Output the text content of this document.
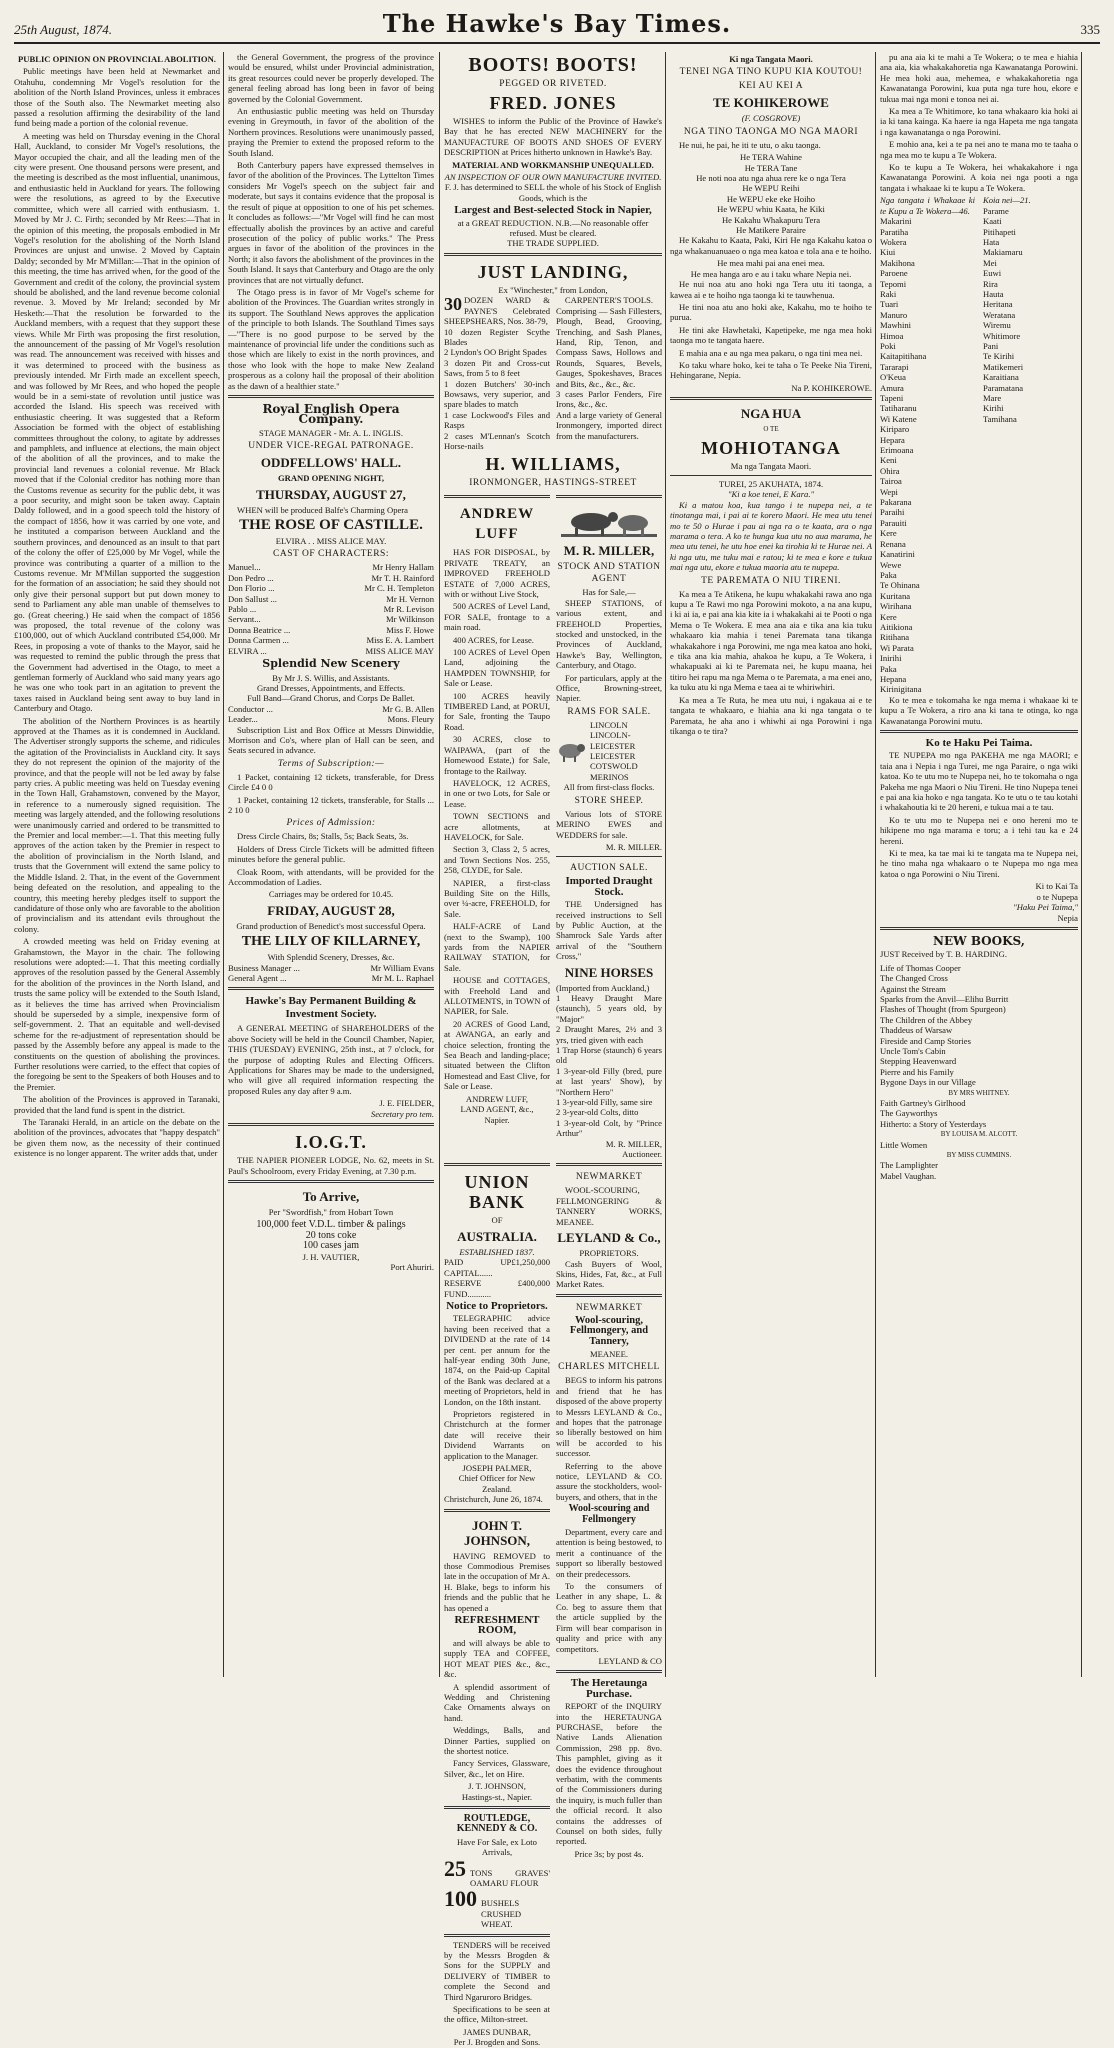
25th August, 1874.	The Hawke's Bay Times.	335
PUBLIC OPINION ON PROVINCIAL ABOLITION.
Public meetings have been held at Newmarket and Otahuhu, condemning Mr Vogel's resolution for the abolition of the North Island Provinces, unless it embraces those of the South also. The Newmarket meeting also passed a resolution affirming the desirability of the land fund being made a portion of the colonial revenue.
A meeting was held on Thursday evening in the Choral Hall, Auckland, to consider Mr Vogel's resolutions, the Mayor occupied the chair, and all the leading men of the city were present. One thousand persons were present, and the meeting is described as the most influential, unanimous, and enthusiastic held in Auckland for years. The following were the resolutions, as agreed to by the Executive committee, which were all carried with enthusiasm. 1. Moved by Mr J. C. Firth; seconded by Mr Rees:—That in the opinion of this meeting, the proposals embodied in Mr Vogel's resolution for the abolishing of the North Island Provinces are unjust and unwise. 2 Moved by Captain Daldy; seconded by Mr M'Millan:—That in the opinion of this meeting, the time has arrived when, for the good of the Government and credit of the colony, the provincial system should be abolished, and the land revenue become colonial revenue. 3. Moved by Mr Ireland; seconded by Mr Hesketh:—That the resolution be forwarded to the Auckland members, with a request that they support these views. While Mr Firth was proposing the first resolution, the announcement of the passing of Mr Vogel's resolution was read. The announcement was received with hisses and it was determined to proceed with the business as previously intended. Mr Firth made an excellent speech, and was followed by Mr Rees, and who hoped the people would be in a semi-state of revolution until justice was accorded the Island. His speech was received with enthusiastic cheering. It was suggested that a Reform Association be formed with the object of establishing committees throughout the colony, to agitate by addresses and pamphlets, and influence at elections, the main object of the abolition of all the provinces, and to make the provincial land revenues a colonial revenue. Mr Black moved that if the Colonial creditor has nothing more than the Customs revenue as security for the public debt, it was a poor security, and might soon be taken away. Captain Daldy followed, and in a good speech told the history of the compact of 1856, how it was carried by one vote, and he instituted a comparison between Auckland and the southern provinces, and denounced as an insult to that part of the colony the offer of £25,000 by Mr Vogel, while the province was contributing a quarter of a million to the Customs revenue. Mr M'Millan supported the suggestion for the formation of an association; he said they should not only give their personal support but put down money to send to Parliament any able man unable of themselves to go. (Great cheering.) He said when the compact of 1856 was proposed, the total revenue of the colony was £100,000, out of which Auckland contributed £54,000. Mr Rees, in proposing a vote of thanks to the Mayor, said he was requested to remind the public through the press that the Government had advertised in the Otago, to meet a gentleman formerly of Auckland who said many years ago he was one who took part in an agitation to prevent the taxes raised in Auckland being sent away to buy land in Canterbury and Otago.
The abolition of the Northern Provinces is as heartily approved at the Thames as it is condemned in Auckland. The Advertiser strongly supports the scheme, and ridicules the agitation of the Provincialists in Auckland city. It says they do not represent the opinion of the majority of the province, and that the people will not be led away by false party cries. A public meeting was held on Tuesday evening in the Town Hall, Grahamstown, convened by the Mayor, in reference to a numerously signed requisition. The meeting was largely attended, and the following resolutions were unanimously carried and ordered to be transmitted to the Premier and local member:—1. That this meeting fully approves of the action taken by the Premier in respect to the abolition of provincialism in the North Island, and trusts that the Government will extend the same policy to the Middle Island. 2. That, in the event of the Government being defeated on the resolution, and appealing to the country, this meeting hereby pledges itself to support the candidature of those only who are favorable to the abolition of provincialism and its attendant evils throughout the colony.
A crowded meeting was held on Friday evening at Grahamstown, the Mayor in the chair. The following resolutions were adopted:—1. That this meeting cordially approves of the resolution passed by the General Assembly for the abolition of the provinces in the North Island, and trusts the same policy will be extended to the South Island, as it believes the time has arrived when Provincialism should be superseded by a simple, inexpensive form of self-government. 2. That an equitable and well-devised scheme for the re-adjustment of representation should be passed by the Assembly before any appeal is made to the constituents on the question of abolishing the provinces. Further resolutions were carried, to the effect that copies of the foregoing be sent to the Speakers of both Houses and to the Premier.
The abolition of the Provinces is approved in Taranaki, provided that the land fund is spent in the district.
The Taranaki Herald, in an article on the debate on the abolition of the provinces, advocates that "happy despatch" be given them now, as the necessity of their continued existence is no longer apparent. The writer adds that, under
the General Government, the progress of the province would be ensured, whilst under Provincial administration, its great resources could never be properly developed. The general feeling abroad has long been in favor of being governed by the Colonial Government.
An enthusiastic public meeting was held on Thursday evening in Greymouth, in favor of the abolition of the Northern provinces. Resolutions were unanimously passed, praying the Premier to extend the proposed reform to the South Island.
Both Canterbury papers have expressed themselves in favor of the abolition of the Provinces. The Lyttelton Times considers Mr Vogel's speech on the subject fair and moderate, but says it contains evidence that the proposal is the result of pique at opposition to one of his pet schemes. It concludes as follows:—"Mr Vogel will find he can most effectually abolish the provinces by an active and careful prosecution of the policy of public works." The Press argues in favor of the abolition of the provinces in the North; it also favors the abolishment of the provinces in the South Island. It says that Canterbury and Otago are the only provinces that are not virtually defunct.
The Otago press is in favor of Mr Vogel's scheme for abolition of the Provinces. The Guardian writes strongly in its support. The Southland News approves the application of the principle to both Islands. The Southland Times says—"There is no good purpose to be served by the maintenance of provincial life under the conditions such as those which are likely to exist in the north provinces, and those who look with the hope to make New Zealand prosperous as a colony hail the proposal of their abolition as the dawn of a healthier state."
Royal English Opera Company.
STAGE MANAGER - Mr. A. L. INGLIS.
UNDER VICE-REGAL PATRONAGE.
ODDFELLOWS' HALL.
GRAND OPENING NIGHT,
THURSDAY, AUGUST 27,
WHEN will be produced Balfe's Charming Opera
THE ROSE OF CASTILLE.
ELVIRA . . MISS ALICE MAY.
CAST OF CHARACTERS:
Manuel...	Mr Henry Hallam
Don Pedro ...	Mr T. H. Rainford
Don Florio ...	Mr C. H. Templeton
Don Sallust ...	Mr H. Vernon
Pablo ...	Mr R. Levison
Servant...	Mr Wilkinson
Donna Beatrice ...	Miss F. Howe
Donna Carmen ...	Miss E. A. Lambert
ELVIRA ...	MISS ALICE MAY
Splendid New Scenery
By Mr J. S. Willis, and Assistants.
Grand Dresses, Appointments, and Effects.
Full Band—Grand Chorus, and Corps De Ballet.
Conductor ...	Mr G. B. Allen
Leader...	Mons. Fleury
Subscription List and Box Office at Messrs Dinwiddie, Morrison and Co's, where plan of Hall can be seen, and Seats secured in advance.
Terms of Subscription:—
1 Packet, containing 12 tickets, transferable, for Dress Circle £4 0 0
1 Packet, containing 12 tickets, transferable, for Stalls ... 2 10 0
Prices of Admission:
Dress Circle Chairs, 8s; Stalls, 5s; Back Seats, 3s.
Holders of Dress Circle Tickets will be admitted fifteen minutes before the general public.
Cloak Room, with attendants, will be provided for the Accommodation of Ladies.
Carriages may be ordered for 10.45.
FRIDAY, AUGUST 28,
Grand production of Benedict's most successful Opera.
THE LILY OF KILLARNEY,
With Splendid Scenery, Dresses, &c.
Business Manager ...	Mr William Evans
General Agent ...	Mr M. L. Raphael
Hawke's Bay Permanent Building & Investment Society.
A GENERAL MEETING of SHAREHOLDERS of the above Society will be held in the Council Chamber, Napier, THIS (TUESDAY) EVENING, 25th inst., at 7 o'clock, for the purpose of adopting Rules and Electing Officers. Applications for Shares may be made to the undersigned, who will give all required information respecting the proposed Rules any day after 9 a.m.
J. E. FIELDER,
Secretary pro tem.
I.O.G.T.
THE NAPIER PIONEER LODGE, No. 62, meets in St. Paul's Schoolroom, every Friday Evening, at 7.30 p.m.
To Arrive,
Per "Swordfish," from Hobart Town
100,000 feet V.D.L. timber & palings
20 tons coke
100 cases jam
J. H. VAUTIER,
Port Ahuriri.
BOOTS! BOOTS!
PEGGED OR RIVETED.
FRED. JONES
WISHES to inform the Public of the Province of Hawke's Bay that he has erected NEW MACHINERY for the MANUFACTURE OF BOOTS AND SHOES OF EVERY DESCRIPTION at Prices hitherto unknown in Hawke's Bay.
MATERIAL AND WORKMANSHIP UNEQUALLED.
AN INSPECTION OF OUR OWN MANUFACTURE INVITED.
F. J. has determined to SELL the whole of his Stock of English Goods, which is the
Largest and Best-selected Stock in Napier,
at a GREAT REDUCTION. N.B.—No reasonable offer refused. Must be cleared.
THE TRADE SUPPLIED.
JUST LANDING,
Ex "Winchester," from London,
30 DOZEN WARD & PAYNE'S Celebrated SHEEPSHEARS, Nos. 38-79,
10 dozen Register Scythe Blades
2 Lyndon's OO Bright Spades
3 dozen Pit and Cross-cut Saws, from 5 to 8 feet
1 dozen Butchers' 30-inch Bowsaws, very superior, and spare blades to match
1 case Lockwood's Files and Rasps
2 cases M'Lennan's Scotch Horse-nails
CARPENTER'S TOOLS.
Comprising — Sash Fillesters, Plough, Bead, Grooving, Trenching, and Sash Planes, Hand, Rip, Tenon, and Compass Saws, Hollows and Rounds, Squares, Bevels, Gauges, Spokeshaves, Braces and Bits, &c., &c., &c.
3 cases Parlor Fenders, Fire Irons, &c., &c.
And a large variety of General Ironmongery, imported direct from the manufacturers.
H. WILLIAMS,
IRONMONGER, HASTINGS-STREET
ANDREW LUFF
HAS FOR DISPOSAL, by PRIVATE TREATY, an IMPROVED FREEHOLD ESTATE of 7,000 ACRES, with or without Live Stock,
500 ACRES of Level Land, FOR SALE, frontage to a main road.
400 ACRES, for Lease.
100 ACRES of Level Open Land, adjoining the HAMPDEN TOWNSHIP, for Sale or Lease.
100 ACRES heavily TIMBERED Land, at PORUI, for Sale, fronting the Taupo Road.
30 ACRES, close to WAIPAWA, (part of the Homewood Estate,) for Sale, frontage to the Railway.
HAVELOCK, 12 ACRES, in one or two Lots, for Sale or Lease.
TOWN SECTIONS and acre allotments, at HAVELOCK, for Sale.
Section 3, Class 2, 5 acres, and Town Sections Nos. 255, 258, CLYDE, for Sale.
NAPIER, a first-class Building Site on the Hills, over ¼-acre, FREEHOLD, for Sale.
HALF-ACRE of Land (next to the Swamp), 100 yards from the NAPIER RAILWAY STATION, for Sale.
HOUSE and COTTAGES, with Freehold Land and ALLOTMENTS, in TOWN of NAPIER, for Sale.
20 ACRES of Good Land, at AWANGA, an early and choice selection, fronting the Sea Beach and landing-place; situated between the Clifton Homestead and East Clive, for Sale or Lease.
ANDREW LUFF,
LAND AGENT, &c.,
Napier.
M. R. MILLER,
STOCK AND STATION AGENT
Has for Sale,—
SHEEP STATIONS, of various extent, and FREEHOLD Properties, stocked and unstocked, in the Provinces of Auckland, Hawke's Bay, Wellington, Canterbury, and Otago.
For particulars, apply at the Office, Browning-street, Napier.
RAMS FOR SALE.
LINCOLN
LINCOLN-LEICESTER
LEICESTER
COTSWOLD
MERINOS
All from first-class flocks.
STORE SHEEP.
Various lots of STORE MERINO EWES and WEDDERS for sale.
M. R. MILLER.
AUCTION SALE.
Imported Draught Stock.
THE Undersigned has received instructions to Sell by Public Auction, at the Shamrock Sale Yards after arrival of the "Southern Cross,"
NINE HORSES
(Imported from Auckland,)
1 Heavy Draught Mare (staunch), 5 years old, by "Major"
2 Draught Mares, 2½ and 3 yrs, tried given with each
1 Trap Horse (staunch) 6 years old
1 3-year-old Filly (bred, pure at last years' Show), by "Northern Hero"
1 3-year-old Filly, same sire
2 3-year-old Colts, ditto
1 3-year-old Colt, by "Prince Arthur"
M. R. MILLER,
Auctioneer.
UNION BANK
OF
AUSTRALIA.
ESTABLISHED 1837.
PAID UP CAPITAL......
£1,250,000
RESERVE FUND...........
£400,000
Notice to Proprietors.
TELEGRAPHIC advice having been received that a DIVIDEND at the rate of 14 per cent. per annum for the half-year ending 30th June, 1874, on the Paid-up Capital of the Bank was declared at a meeting of Proprietors, held in London, on the 18th instant.
Proprietors registered in Christchurch at the former date will receive their Dividend Warrants on application to the Manager.
JOSEPH PALMER,
Chief Officer for New Zealand.
Christchurch, June 26, 1874.
JOHN T. JOHNSON,
HAVING REMOVED to those Commodious Premises late in the occupation of Mr A. H. Blake, begs to inform his friends and the public that he has opened a
REFRESHMENT ROOM,
and will always be able to supply TEA and COFFEE, HOT MEAT PIES &c., &c., &c.
A splendid assortment of Wedding and Christening Cake Ornaments always on hand.
Weddings, Balls, and Dinner Parties, supplied on the shortest notice.
Fancy Services, Glassware, Silver, &c., let on Hire.
J. T. JOHNSON,
Hastings-st., Napier.
ROUTLEDGE, KENNEDY & CO.
Have For Sale, ex Loto Arrivals,
25 TONS GRAVES' OAMARU FLOUR
100 BUSHELS CRUSHED WHEAT.
TENDERS will be received by the Messrs Brogden & Sons for the SUPPLY and DELIVERY of TIMBER to complete the Second and Third Ngaruroro Bridges.
Specifications to be seen at the office, Milton-street.
JAMES DUNBAR,
Per J. Brogden and Sons.
NEWMARKET
WOOL-SCOURING, FELLMONGERING & TANNERY WORKS, MEANEE.
LEYLAND & Co.,
PROPRIETORS.
Cash Buyers of Wool, Skins, Hides, Fat, &c., at Full Market Rates.
NEWMARKET
Wool-scouring, Fellmongery, and Tannery,
MEANEE.
CHARLES MITCHELL
BEGS to inform his patrons and friend that he has disposed of the above property to Messrs LEYLAND & Co., and hopes that the patronage so liberally bestowed on him will be accorded to his successor.
Referring to the above notice, LEYLAND & CO. assure the stockholders, wool-buyers, and others, that in the
Wool-scouring and Fellmongery
Department, every care and attention is being bestowed, to merit a continuance of the support so liberally bestowed on their predecessors.
To the consumers of Leather in any shape, L. & Co. beg to assure them that the article supplied by the Firm will bear comparison in quality and price with any competitors.
LEYLAND & CO
The Heretaunga Purchase.
REPORT of the INQUIRY into the HERETAUNGA PURCHASE, before the Native Lands Alienation Commission, 298 pp. 8vo. This pamphlet, giving as it does the evidence throughout verbatim, with the comments of the Commissioners during the inquiry, is much fuller than the official record. It also contains the addresses of Counsel on both sides, fully reported.
Price 3s; by post 4s.
Ki nga Tangata Maori.
TENEI NGA TINO KUPU KIA KOUTOU!
KEI AU KEI A
TE KOHIKEROWE
(F. COSGROVE)
NGA TINO TAONGA MO NGA MAORI
He nui, he pai, he iti te utu, o aku taonga.
He TERA Wahine
He TERA Tane
He noti noa atu nga ahua rere ke o nga Tera
He WEPU Reihi
He WEPU eke eke Hoiho
He WEPU whiu Kaata, he Kiki
He Kakahu Whakapuru Tera
He Matikere Paraire
He Kakahu to Kaata, Paki, Kiri He nga Kakahu katoa o nga whakanuanuaeo o nga mea katoa e tola ana e te hoiho.
He mea mahi pai ana enei mea.
He mea hanga aro e au i taku whare Nepia nei.
He nui noa atu ano hoki nga Tera utu iti taonga, a kawea ai e te hoiho nga taonga ki te tauwhenua.
He tini noa atu ano hoki ake, Kakahu, mo te hoiho te purua.
He tini ake Hawhetaki, Kapetipeke, me nga mea hoki taonga mo te tangata haere.
E mahia ana e au nga mea pakaru, o nga tini mea nei.
Ko taku whare hoko, kei te taha o Te Peeke Nia Tireni, Hehingarane, Nepia.
Na P. KOHIKEROWE.
NGA HUA
O TE
MOHIOTANGA
Ma nga Tangata Maori.
TUREI, 25 AKUHATA, 1874.
"Ki a koe tenei, E Kara."
Ki a matou koa, kua tango i te nupepa nei, a te tinotanga mai, i pai ai te korero Maori. He mea utu tenei mo te 50 o Hurae i pau ai nga ra o te kaata, ara o nga marama o tera. A ko te hunga kua utu no aua marama, he mea utu tenei, he utu hoe enei ka tirohia ki te Hurae nei. A ki nga utu, me tuku mai e ratou; ki te mea e kore e tukua mai nga utu, ekore e tukua maoria atu te nupepa.
TE PAREMATA O NIU TIRENI.
Ka mea a Te Atikena, he kupu whakakahi rawa ano nga kupu a Te Rawi mo nga Porowini mokoto, a na ana kupu, i ki ai ia, e pai ana kia kite ia i whakakahi ai te Pooti o nga Mema o Te Wokera. E mea ana aia e tika ana kia tuku whakaaro kia mahia i tenei Paremata tana tikanga whakakahore i nga Porowini, me nga mea katoa ano hoki, e tika ana kia mahia, ahakoa he kupu, a Te Wokera, i whakapuaki ai ki te Paremata nei, he kupu maana, hei titiro hei rapu ma nga Mema o te Paremata, a ma enei ano, ka tuku atu ki nga Mema e taea ai te whiriwhiri.
Ka mea a Te Ruta, he mea utu nui, i ngakaua ai e te tangata te whakaaro, e hiahia ana ki nga tangata o te Paremata, he aha ano i whiwhi ai nga Porowini i nga tikanga o te tira?
pu ana aia ki te mahi a Te Wokera; o te mea e hiahia ana aia, kia whakakahoretia nga Kawanatanga Porowini. He mea hoki aua, mehemea, e whakakahoretia nga Kawanatanga Porowini, kua puta nga ture hou, ekore e tukua mai nga moni e tonoa nei ai.
Ka mea a Te Whitimore, ko tana whakaaro kia hoki ai ia ki tana kainga. Ka haere ia nga Hapeta me nga tangata i nga kawanatanga o nga Porowini.
E mohio ana, kei a te pa nei ano te mana mo te taaha o nga mea mo te kupu a Te Wokera.
Ko te kupu a Te Wokera, hei whakakahore i nga Kawanatanga Porowini. A koia nei nga pooti a nga tangata i whakaae ki te kupu a Te Wokera.
Nga tangata i Whakaae ki te Kupu a Te Wokera—46.
Makarini
Paratiha
Wokera
Kiui
Makihona
Paroene
Tepomi
Raki
Tuari
Manuro
Mawhini
Himoa
Poki
Kaitapitihana
Tararapi
O'Keua
Amura
Tapeni
Tatiharanu
Wi Katene
Kiriparo
Hepara
Erimoana
Keni
Ohira
Tairoa
Wepi
Pakarana
Paraihi
Parauiti
Kere
Renana
Kanatirini
Wewe
Paka
Te Ohinana
Kuritana
Wirihana
Kere
Aitikiona
Ritihana
Wi Parata
Inirihi
Paka
Hepana
Kirinigitana
Koia nei—21.
Parame
Kaati
Pitihapeti
Hata
Makiamaru
Mei
Euwi
Rira
Hauta
Heritana
Weratana
Wiremu
Whitimore
Pani
Te Kirihi
Matikemeri
Karaitiana
Paramatana
Mare
Kirihi
Tamihana
Ko te mea e tokomaha ke nga mema i whakaae ki te kupu a Te Wokera, a riro ana ki tana te otinga, ko nga Kawanatanga Porowini mutu.
Ko te Haku Pei Taima.
TE NUPEPA mo nga PAKEHA me nga MAORI; e taia ana i Nepia i nga Turei, me nga Paraire, o nga wiki katoa. Ko te utu mo te Nupepa nei, ho te tokomaha o nga Pakeha me nga Maori o Niu Tireni. He tino Nupepa tenei e pai ana kia hoko e nga tangata. Ko te utu o te tau kotahi i whakahoutia ki te 20 hereni, e tukua mai a te tau.
Ko te utu mo te Nupepa nei e ono hereni mo te hikipene mo nga marama e toru; a i tehi tau ka e 24 hereni.
Ki te mea, ka tae mai ki te tangata ma te Nupepa nei, he tino maha nga whakaaro o te Nupepa mo nga mea katoa o nga Porowini o Niu Tireni.
Ki to Kai Ta
o te Nupepa
"Haku Pei Taima,"
Nepia
NEW BOOKS,
JUST Received by T. B. HARDING.
Life of Thomas Cooper
The Changed Cross
Against the Stream
Sparks from the Anvil—Elihu Burritt
Flashes of Thought (from Spurgeon)
The Children of the Abbey
Thaddeus of Warsaw
Fireside and Camp Stories
Uncle Tom's Cabin
Stepping Heavenward
Pierre and his Family
Bygone Days in our Village
BY MRS WHITNEY.
Faith Gartney's Girlhood
The Gayworthys
Hitherto: a Story of Yesterdays
BY LOUISA M. ALCOTT.
Little Women
BY MISS CUMMINS.
The Lamplighter
Mabel Vaughan.
